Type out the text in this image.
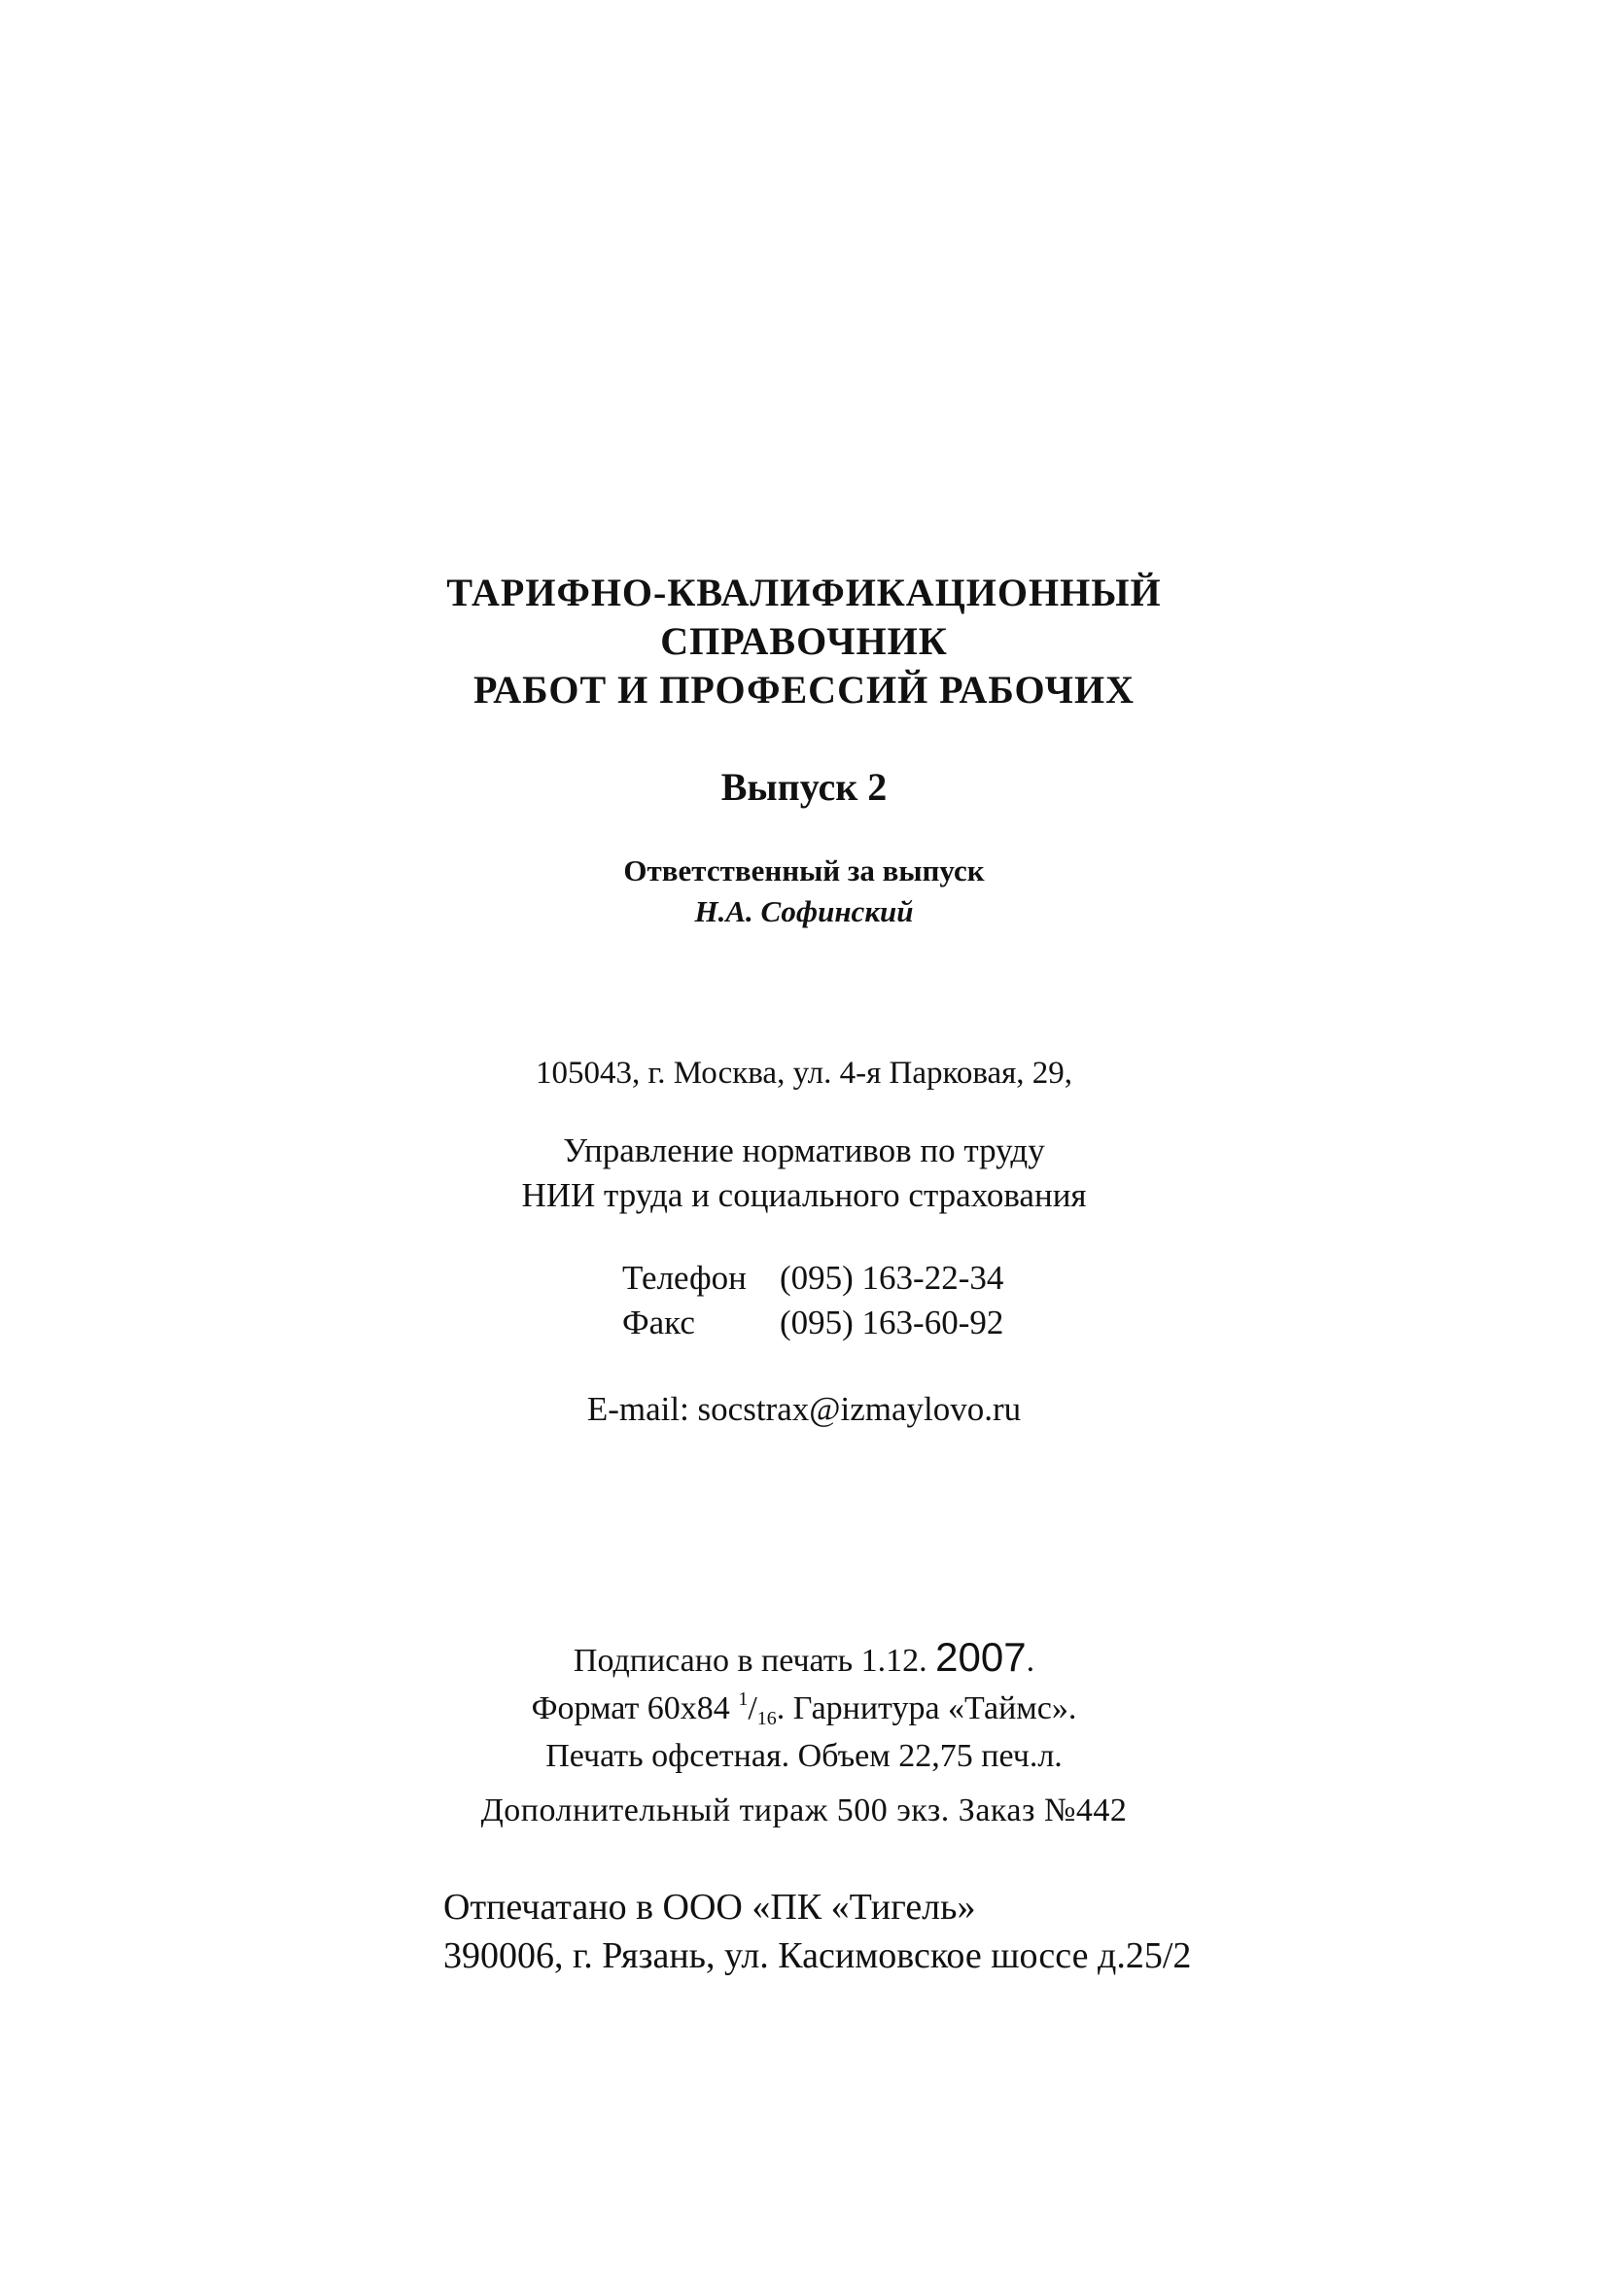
ТАРИФНО-КВАЛИФИКАЦИОННЫЙ
СПРАВОЧНИК
РАБОТ И ПРОФЕССИЙ РАБОЧИХ
Выпуск 2
Ответственный за выпуск
Н.А. Софинский
105043, г. Москва, ул. 4-я Парковая, 29,
Управление нормативов по труду
НИИ труда и социального страхования
Телефон (095) 163-22-34
Факс (095) 163-60-92
E-mail: socstrax@izmaylovo.ru
Подписано в печать 1.12. 2007.
Формат 60x84 $^1/_{16}$. Гарнитура «Таймс».
Печать офсетная. Объем 22,75 печ.л.
Дополнительный тираж 500 экз. Заказ №442
Отпечатано в ООО «ПК «Тигель»
390006, г. Рязань, ул. Касимовское шоссе д.25/2
